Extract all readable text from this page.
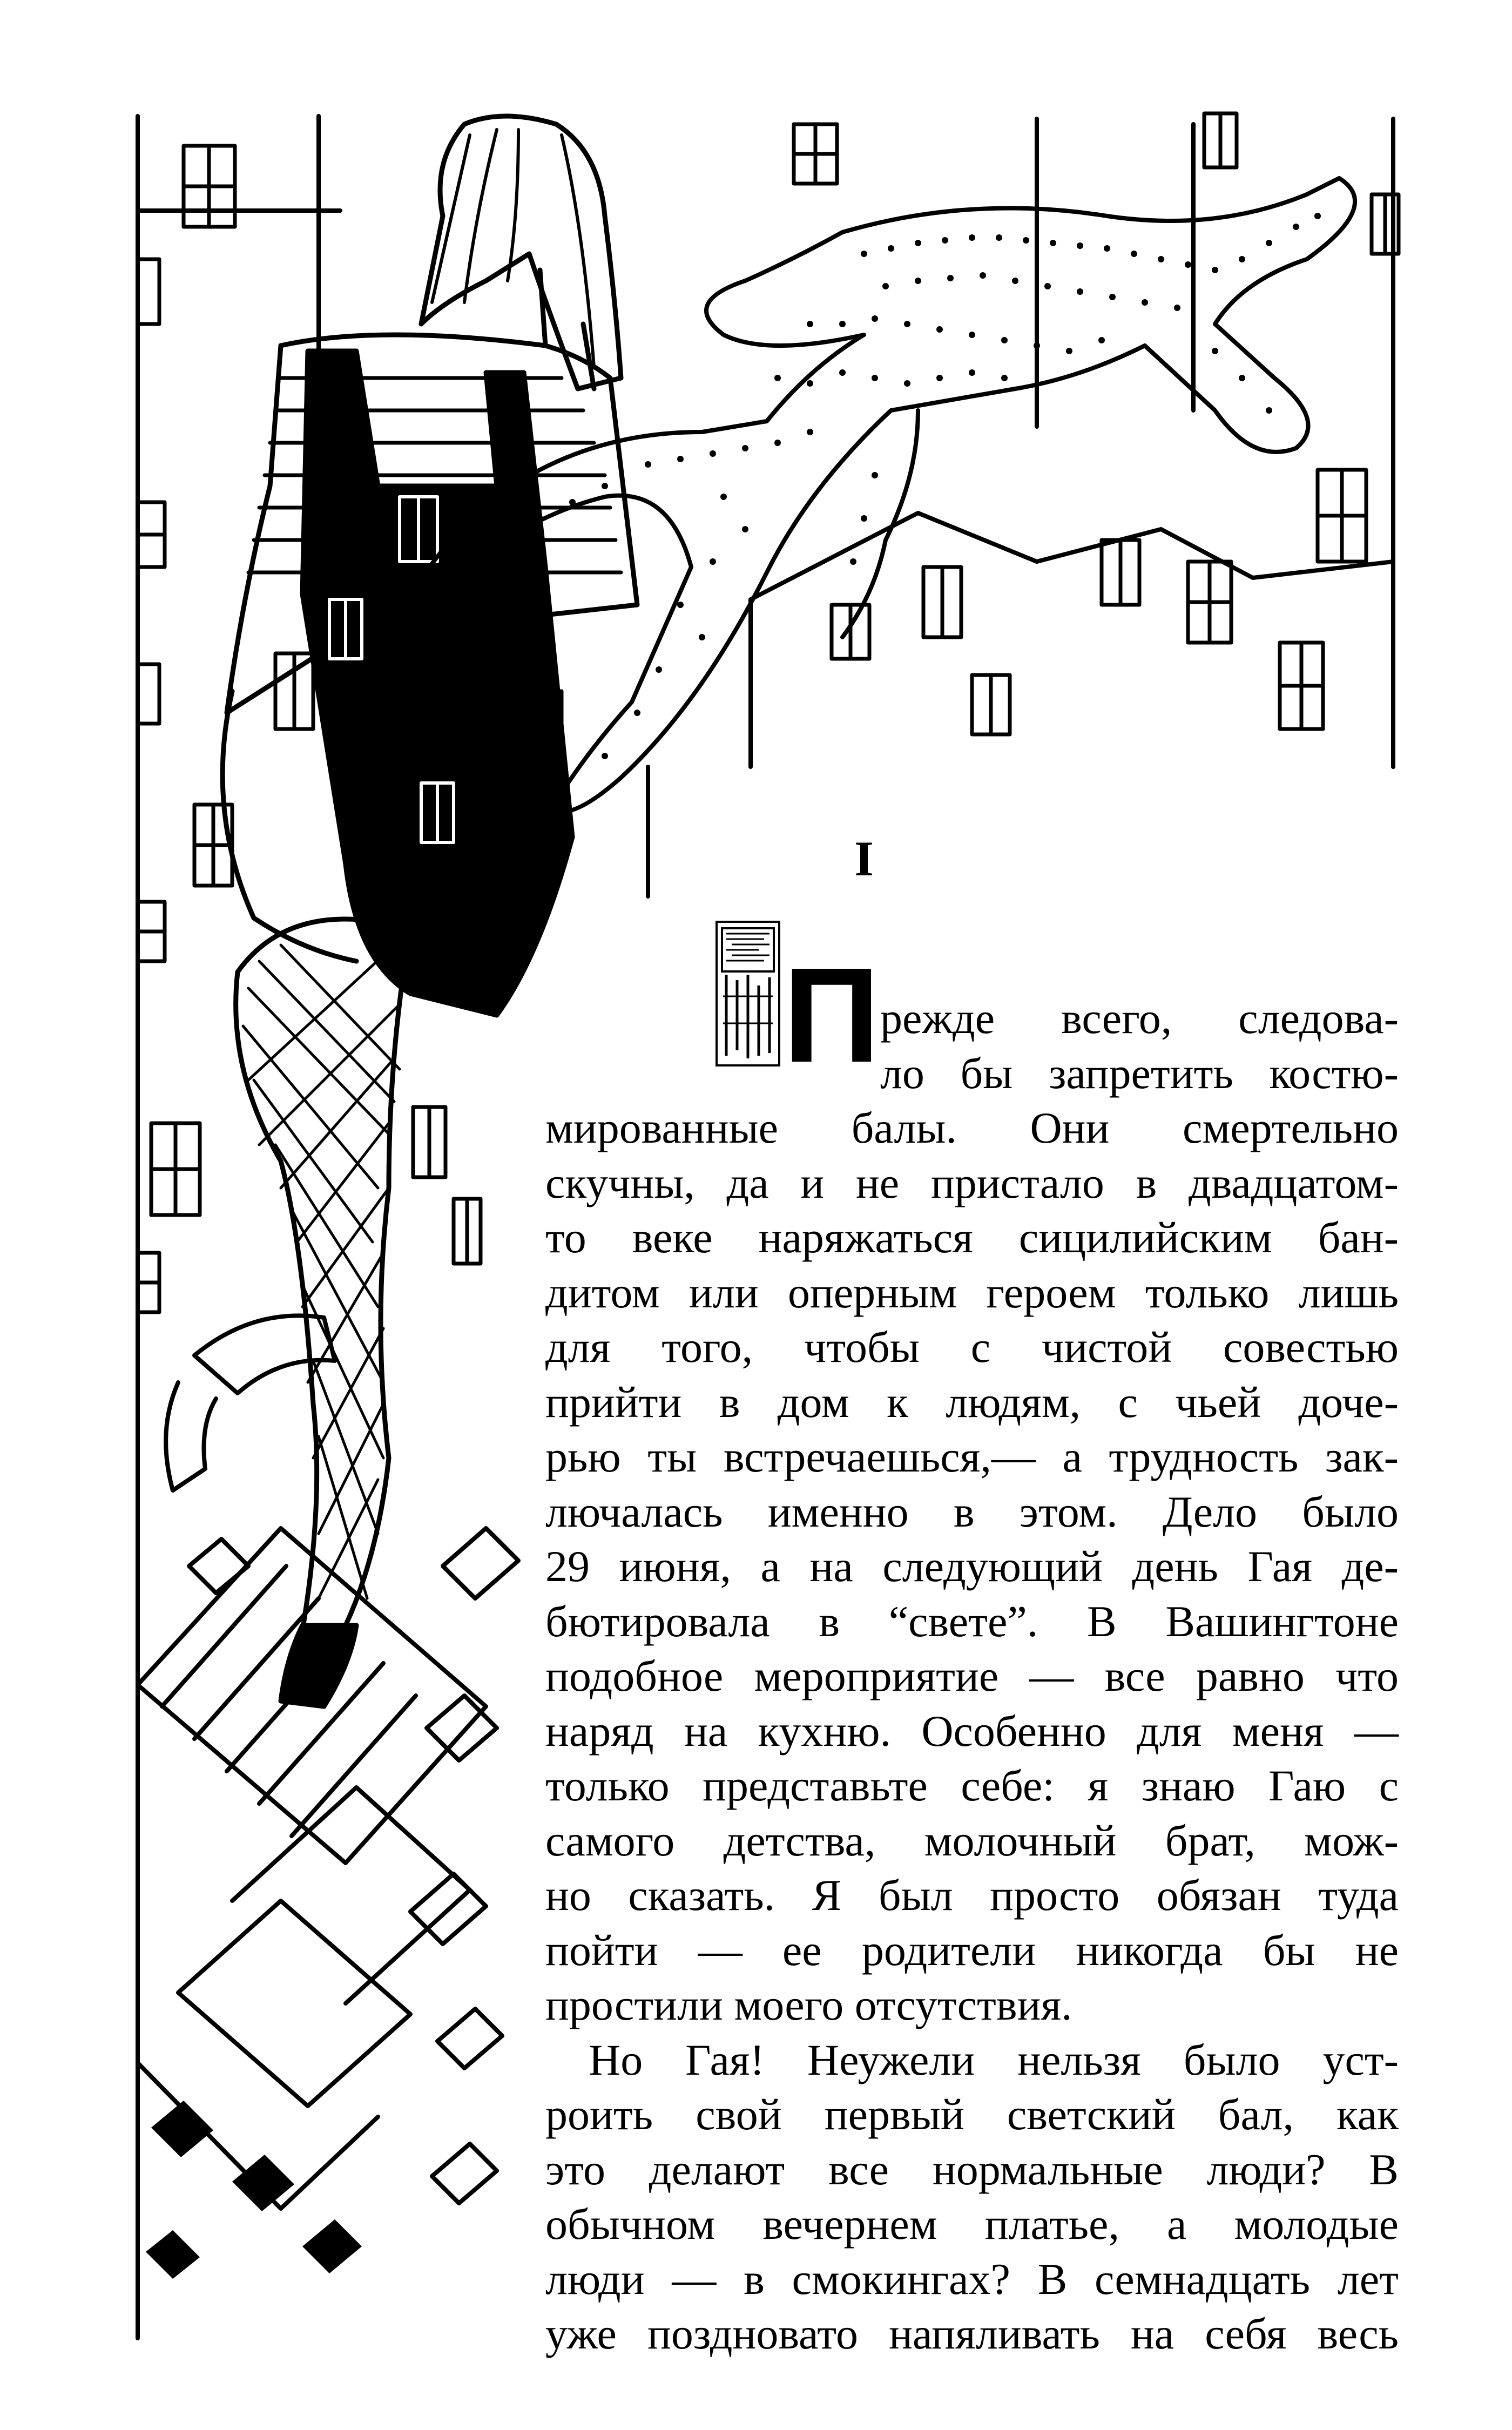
I
П режде всего, следова-
ло бы запретить костю-
мированные балы. Они смертельно
скучны, да и не пристало в двадцатом-
то веке наряжаться сицилийским бан-
дитом или оперным героем только лишь
для того, чтобы с чистой совестью
прийти в дом к людям, с чьей доче-
рью ты встречаешься,— а трудность зак-
лючалась именно в этом. Дело было
29 июня, а на следующий день Гая де-
бютировала в “свете”. В Вашингтоне
подобное мероприятие — все равно что
наряд на кухню. Особенно для меня —
только представьте себе: я знаю Гаю с
самого детства, молочный брат, мож-
но сказать. Я был просто обязан туда
пойти — ее родители никогда бы не
простили моего отсутствия.
Но Гая! Неужели нельзя было уст-
роить свой первый светский бал, как
это делают все нормальные люди? В
обычном вечернем платье, а молодые
люди — в смокингах? В семнадцать лет
уже поздновато напяливать на себя весь
